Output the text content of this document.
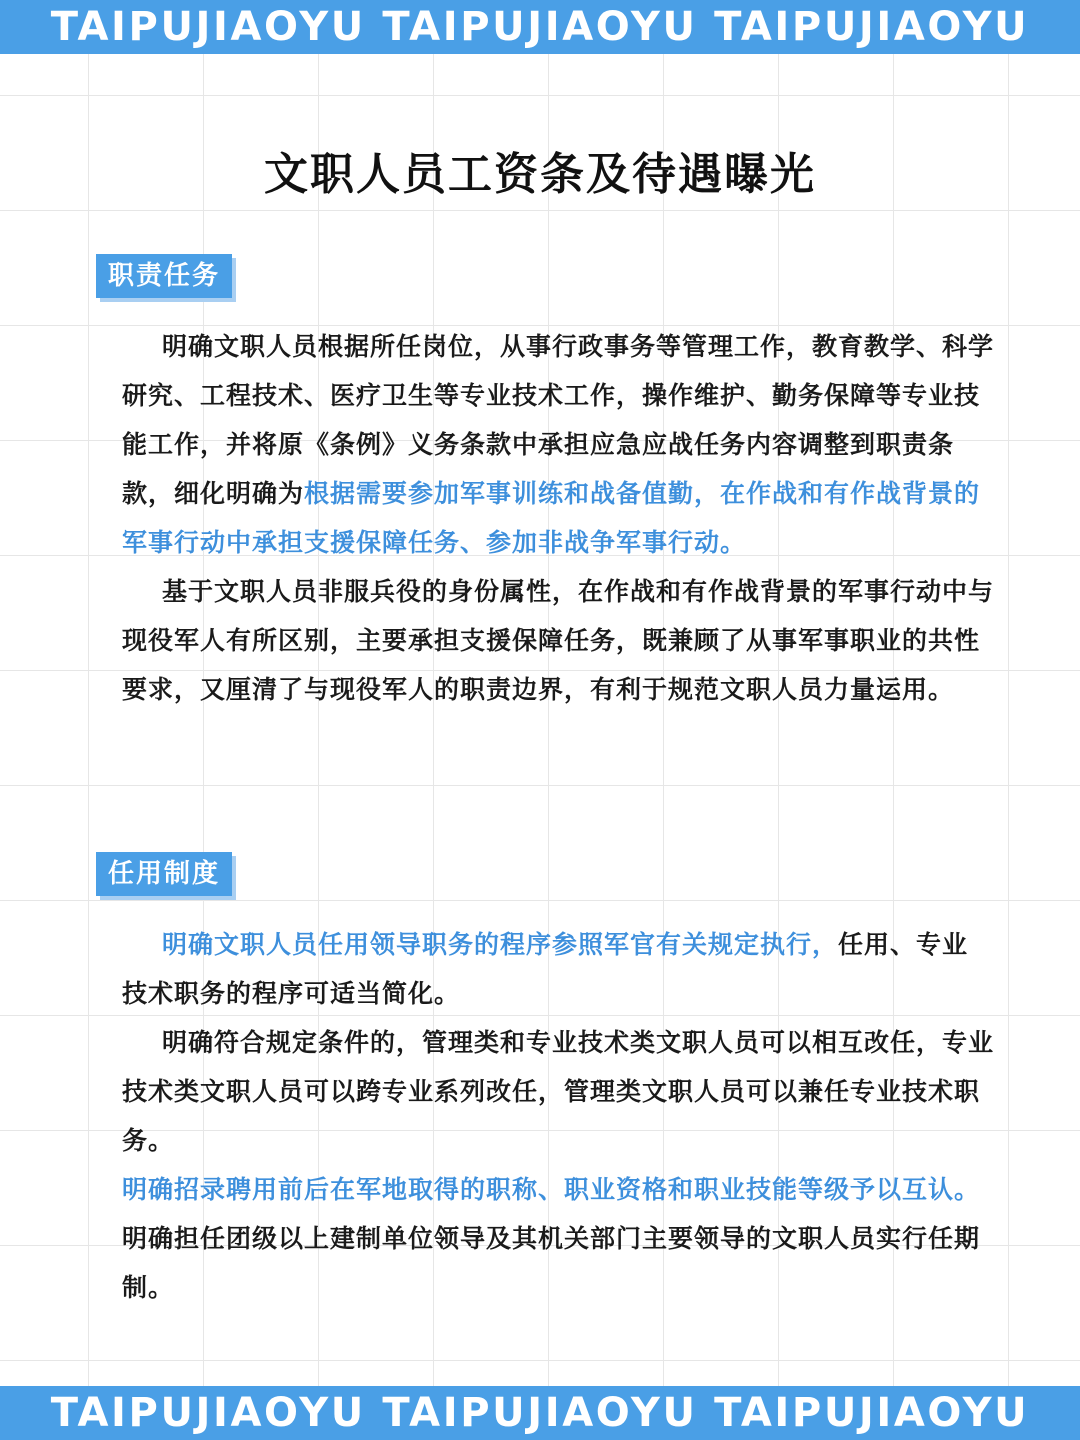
TAIPUJIAOYU TAIPUJIAOYU TAIPUJIAOYU
文职人员工资条及待遇曝光
职责任务

明确文职人员根据所任岗位，从事行政事务等管理工作，教育教学、科学研究、工程技术、医疗卫生等专业技术工作，操作维护、勤务保障等专业技能工作，并将原《条例》义务条款中承担应急应战任务内容调整到职责条款，细化明确为根据需要参加军事训练和战备值勤，在作战和有作战背景的军事行动中承担支援保障任务、参加非战争军事行动。

基于文职人员非服兵役的身份属性，在作战和有作战背景的军事行动中与现役军人有所区别，主要承担支援保障任务，既兼顾了从事军事职业的共性要求，又厘清了与现役军人的职责边界，有利于规范文职人员力量运用。

任用制度

明确文职人员任用领导职务的程序参照军官有关规定执行，任用、专业技术职务的程序可适当简化。

明确符合规定条件的，管理类和专业技术类文职人员可以相互改任，专业技术类文职人员可以跨专业系列改任，管理类文职人员可以兼任专业技术职务。

明确招录聘用前后在军地取得的职称、职业资格和职业技能等级予以互认。

明确担任团级以上建制单位领导及其机关部门主要领导的文职人员实行任期制。

TAIPUJIAOYU TAIPUJIAOYU TAIPUJIAOYU
